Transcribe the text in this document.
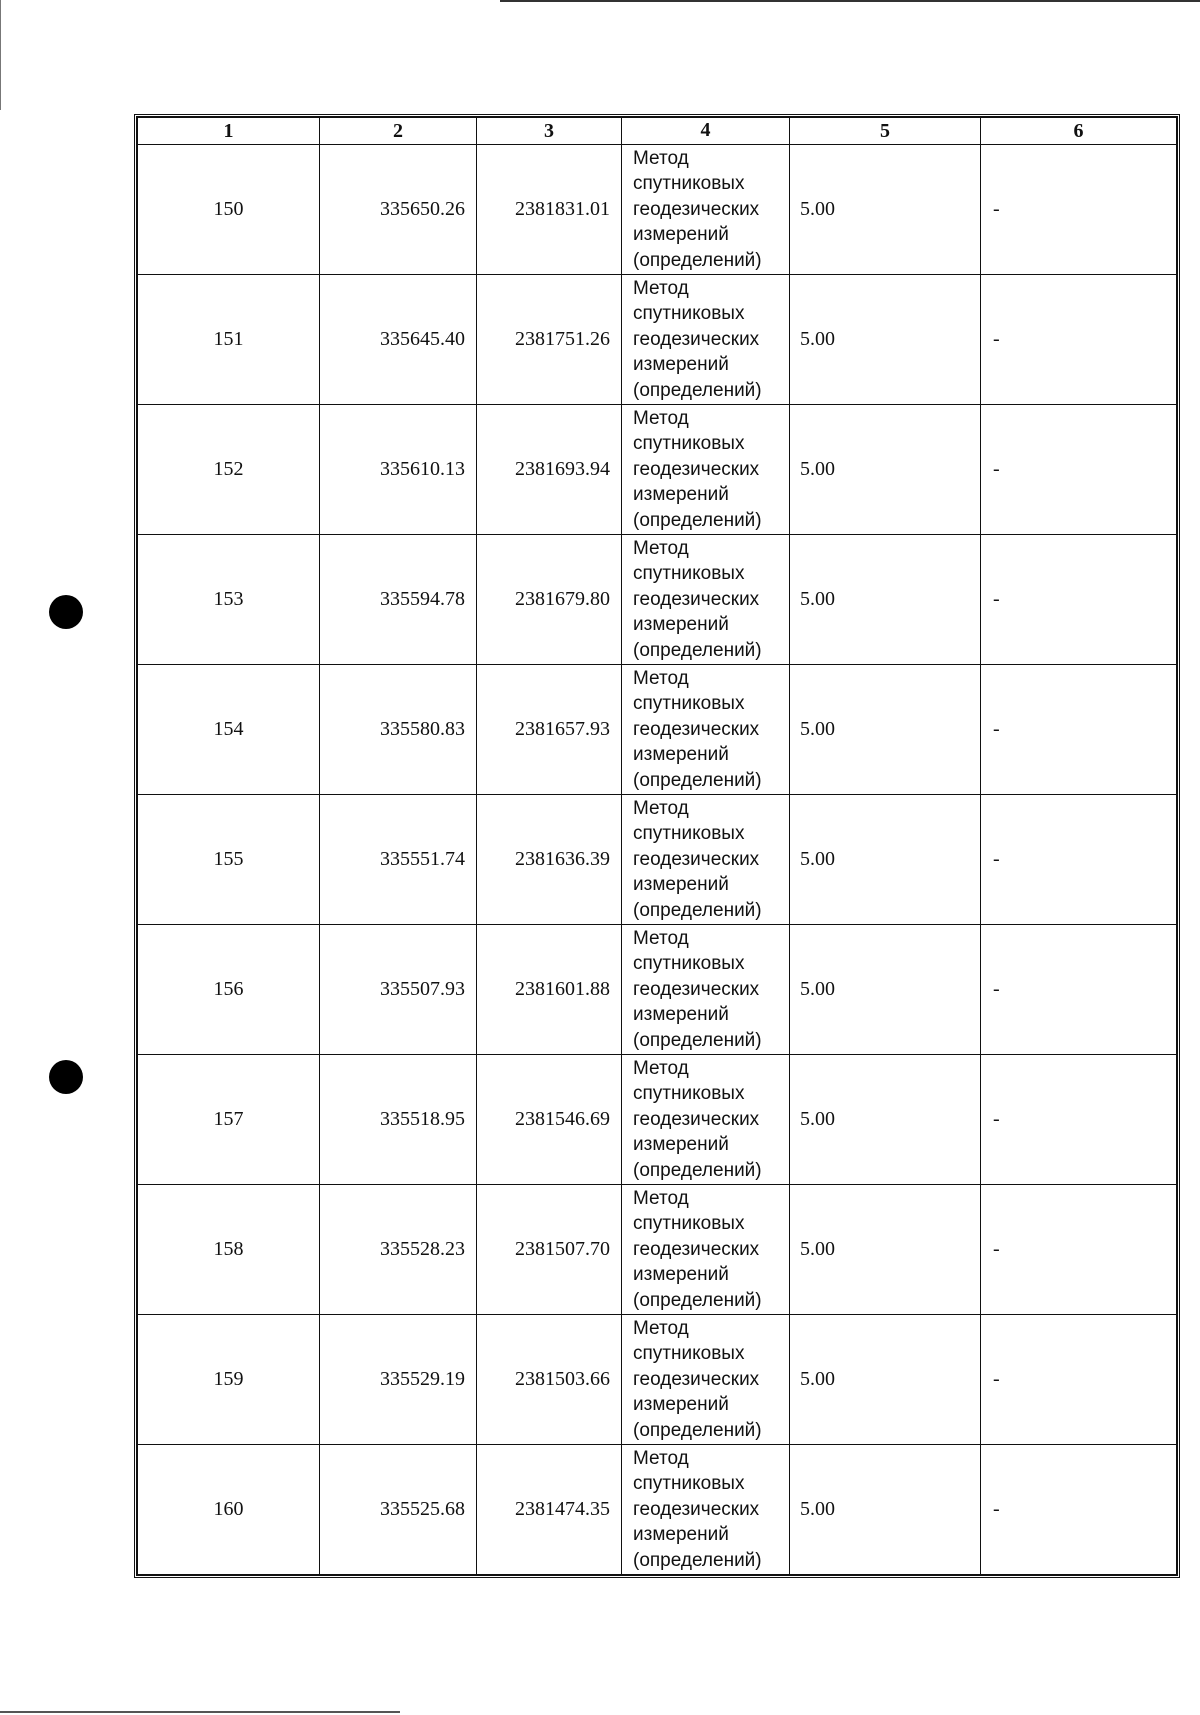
1	2	3	4	5	6
150	335650.26	2381831.01	Метод
спутниковых
геодезических
измерений
(определений)	5.00	-
151	335645.40	2381751.26	Метод
спутниковых
геодезических
измерений
(определений)	5.00	-
152	335610.13	2381693.94	Метод
спутниковых
геодезических
измерений
(определений)	5.00	-
153	335594.78	2381679.80	Метод
спутниковых
геодезических
измерений
(определений)	5.00	-
154	335580.83	2381657.93	Метод
спутниковых
геодезических
измерений
(определений)	5.00	-
155	335551.74	2381636.39	Метод
спутниковых
геодезических
измерений
(определений)	5.00	-
156	335507.93	2381601.88	Метод
спутниковых
геодезических
измерений
(определений)	5.00	-
157	335518.95	2381546.69	Метод
спутниковых
геодезических
измерений
(определений)	5.00	-
158	335528.23	2381507.70	Метод
спутниковых
геодезических
измерений
(определений)	5.00	-
159	335529.19	2381503.66	Метод
спутниковых
геодезических
измерений
(определений)	5.00	-
160	335525.68	2381474.35	Метод
спутниковых
геодезических
измерений
(определений)	5.00	-
